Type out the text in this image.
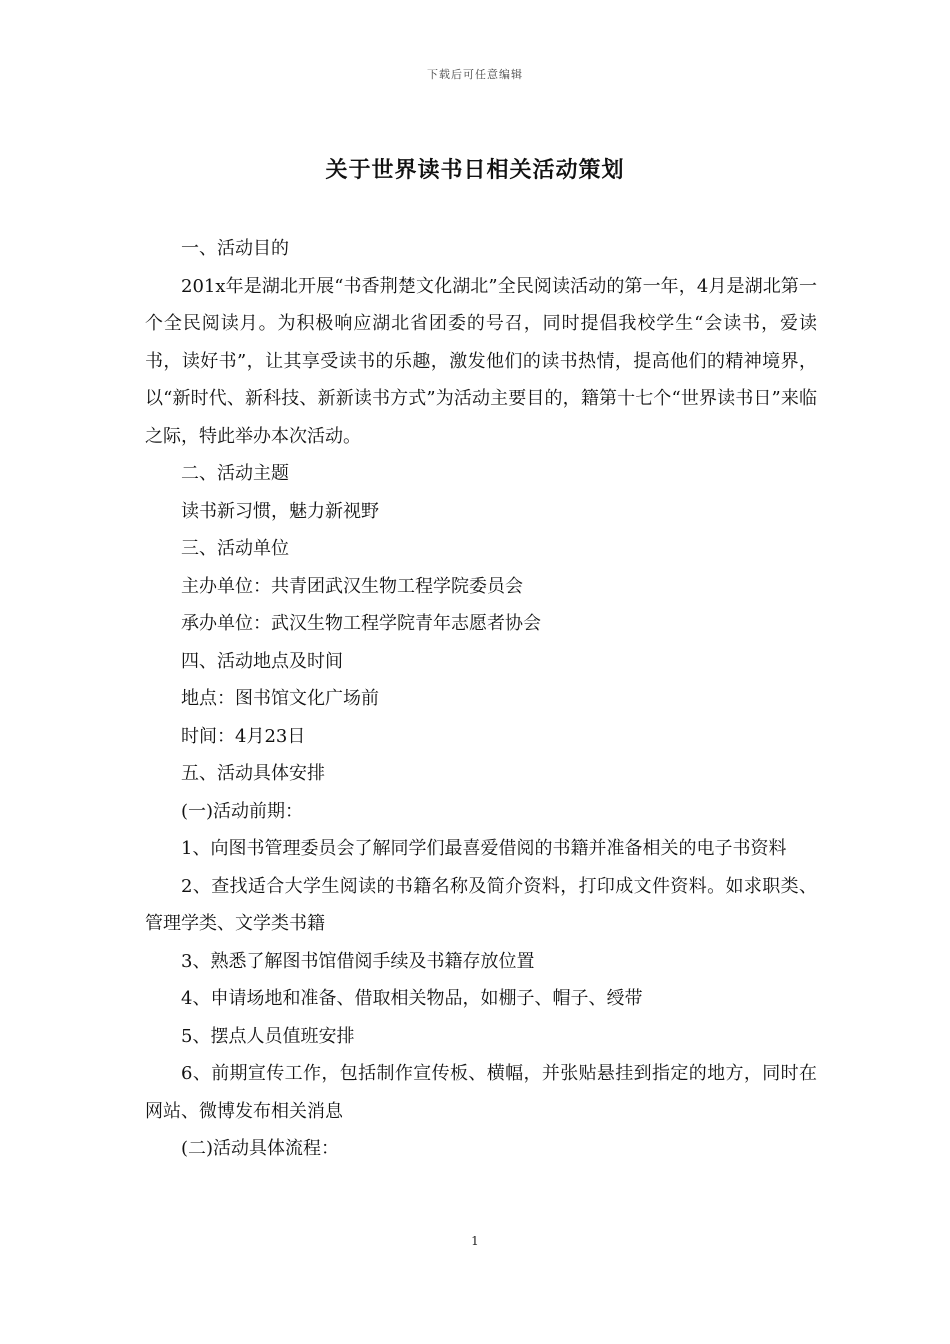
下载后可任意编辑
关于世界读书日相关活动策划

一、活动目的

201x年是湖北开展“书香荆楚文化湖北”全民阅读活动的第一年，4月是湖北第一个全民阅读月。为积极响应湖北省团委的号召，同时提倡我校学生“会读书，爱读书，读好书”，让其享受读书的乐趣，激发他们的读书热情，提高他们的精神境界，以“新时代、新科技、新新读书方式”为活动主要目的，籍第十七个“世界读书日”来临之际，特此举办本次活动。

二、活动主题

读书新习惯，魅力新视野

三、活动单位

主办单位：共青团武汉生物工程学院委员会

承办单位：武汉生物工程学院青年志愿者协会

四、活动地点及时间

地点：图书馆文化广场前

时间：4月23日

五、活动具体安排

(一)活动前期：

1、向图书管理委员会了解同学们最喜爱借阅的书籍并准备相关的电子书资料

2、查找适合大学生阅读的书籍名称及简介资料，打印成文件资料。如求职类、管理学类、文学类书籍

3、熟悉了解图书馆借阅手续及书籍存放位置

4、申请场地和准备、借取相关物品，如棚子、帽子、绶带

5、摆点人员值班安排

6、前期宣传工作，包括制作宣传板、横幅，并张贴悬挂到指定的地方，同时在网站、微博发布相关消息

(二)活动具体流程：

1
